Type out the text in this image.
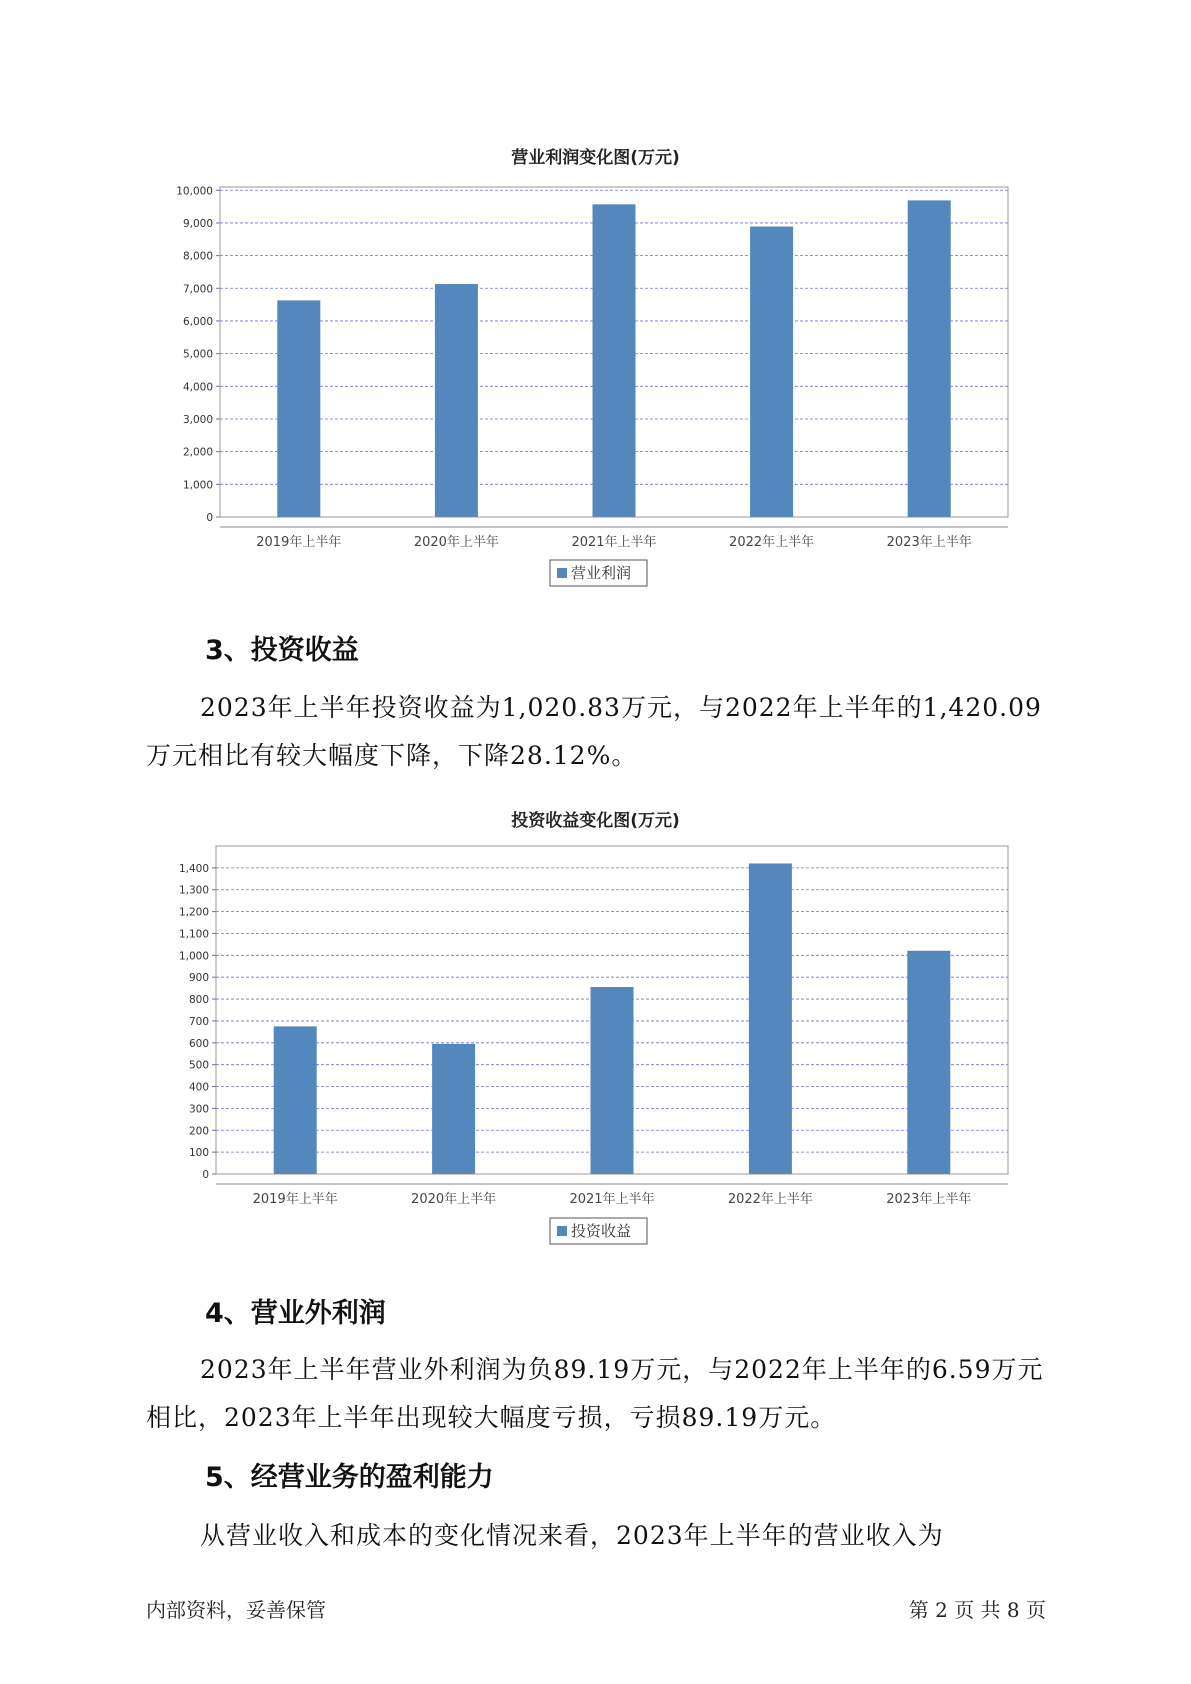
营业利润变化图(万元)
0
1,000
2,000
3,000
4,000
5,000
6,000
7,000
8,000
9,000
10,000
2019年上半年	2020年上半年	2021年上半年	2022年上半年	2023年上半年
营业利润
3、投资收益

2023年上半年投资收益为1,020.83万元，与2022年上半年的1,420.09

万元相比有较大幅度下降，下降28.12%。

投资收益变化图(万元)
0
100
200
300
400
500
600
700
800
900
1,000
1,100
1,200
1,300
1,400
2019年上半年	2020年上半年	2021年上半年	2022年上半年	2023年上半年
投资收益
4、营业外利润

2023年上半年营业外利润为负89.19万元，与2022年上半年的6.59万元

相比，2023年上半年出现较大幅度亏损，亏损89.19万元。

5、经营业务的盈利能力

从营业收入和成本的变化情况来看，2023年上半年的营业收入为

内部资料，妥善保管	第 2 页 共 8 页
